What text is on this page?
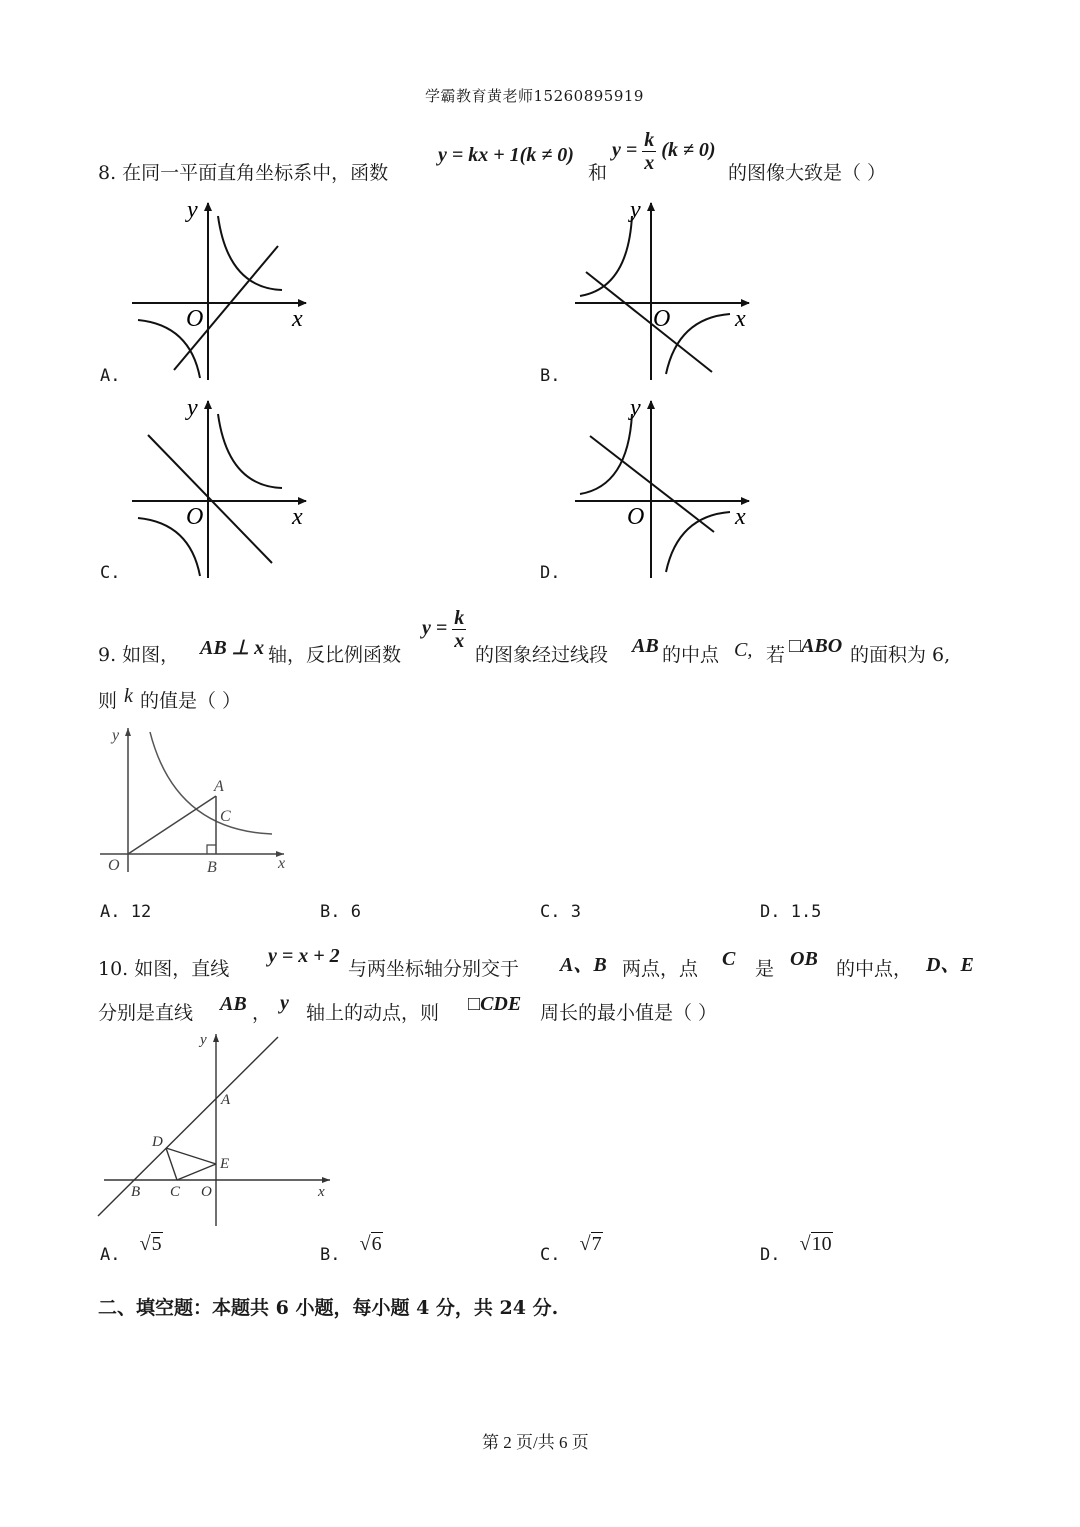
学霸教育黄老师15260895919
8. 在同一平面直角坐标系中，函数
y = kx + 1(k ≠ 0)
和
$y = \frac{k}{x} (k \ne 0)$
的图像大致是（ ）
y
x
O
y
x
O
y
x
O
y
x
O
A.	B.
C.	D.
9. 如图， AB ⊥ x 轴，反比例函数
$y = \frac{k}{x}$
的图象经过线段 AB 的中点 C, 若 □ABO 的面积为 6,
则 k 的值是（ ）
y
x
O
A
C
B
A. 12	B. 6	C. 3	D. 1.5
10. 如图，直线
y = x + 2
与两坐标轴分别交于 A、B 两点，点 C 是 OB 的中点， D、E
分别是直线 AB ， y 轴上的动点，则 □CDE 周长的最小值是（ ）
y
x
A
D
E
B C O
A. √5	B. √6	C. √7	D. √10
二、填空题：本题共 6 小题，每小题 4 分，共 24 分.
第 2 页/共 6 页
